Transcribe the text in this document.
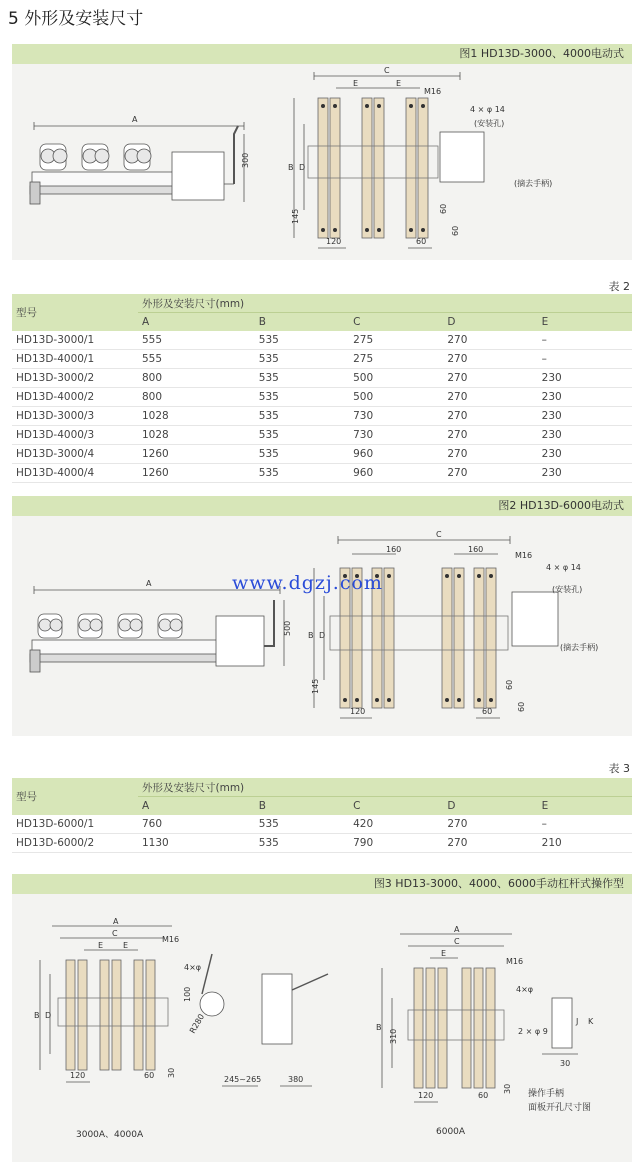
5 外形及安装尺寸
图1 HD13D-3000、4000电动式
A
300
C
E	E
M16
4 × φ 14
(安装孔)
(摘去手柄)
B D
145
120	60
60
60
表 2
型号	外形及安装尺寸(mm)				
	A	B	C	D	E
HD13D-3000/1	555	535	275	270	–
HD13D-4000/1	555	535	275	270	–
HD13D-3000/2	800	535	500	270	230
HD13D-4000/2	800	535	500	270	230
HD13D-3000/3	1028	535	730	270	230
HD13D-4000/3	1028	535	730	270	230
HD13D-3000/4	1260	535	960	270	230
HD13D-4000/4	1260	535	960	270	230
图2 HD13D-6000电动式
A
500
C
160	160
M16
4 × φ 14
(安装孔)
(摘去手柄)
B D
145
120	60
60
60
www.dgzj.com
表 3
型号	外形及安装尺寸(mm)				
	A	B	C	D	E
HD13D-6000/1	760	535	420	270	–
HD13D-6000/2	1130	535	790	270	210
图3 HD13-3000、4000、6000手动杠杆式操作型
A
C
E E
M16
4×φ
B D	R280
100
120	60 30
245~265	380
A
C
E
M16
4×φ
B
310
120	60
30
2 × φ 9
J K
30
3000A、4000A	6000A
操作手柄
面板开孔尺寸图
